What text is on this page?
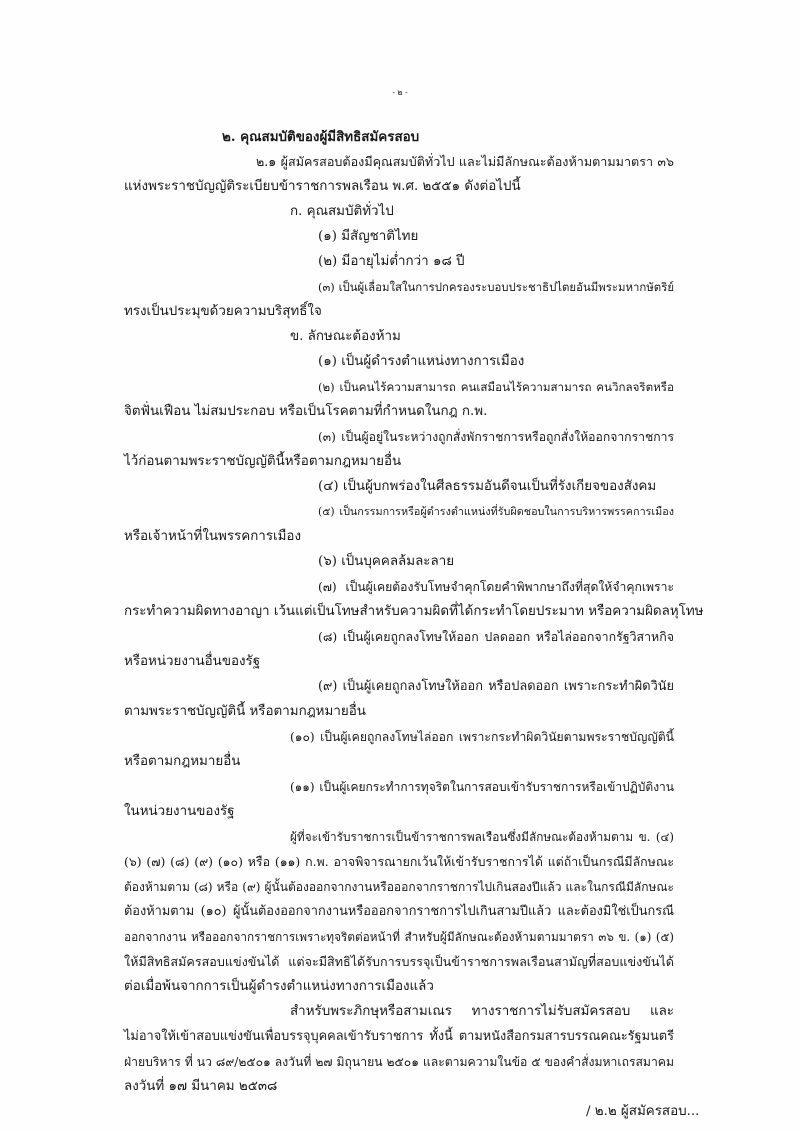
- ๒ -
๒. คุณสมบัติของผู้มีสิทธิสมัครสอบ
๒.๑ ผู้สมัครสอบต้องมีคุณสมบัติทั่วไป และไม่มีลักษณะต้องห้ามตามมาตรา ๓๖
แห่งพระราชบัญญัติระเบียบข้าราชการพลเรือน พ.ศ. ๒๕๕๑ ดังต่อไปนี้
ก. คุณสมบัติทั่วไป
(๑) มีสัญชาติไทย
(๒) มีอายุไม่ต่ำกว่า ๑๘ ปี
(๓) เป็นผู้เลื่อมใสในการปกครองระบอบประชาธิปไตยอันมีพระมหากษัตริย์
ทรงเป็นประมุขด้วยความบริสุทธิ์ใจ
ข. ลักษณะต้องห้าม
(๑) เป็นผู้ดำรงตำแหน่งทางการเมือง
(๒) เป็นคนไร้ความสามารถ คนเสมือนไร้ความสามารถ คนวิกลจริตหรือ
จิตฟั่นเฟือน ไม่สมประกอบ หรือเป็นโรคตามที่กำหนดในกฎ ก.พ.
(๓) เป็นผู้อยู่ในระหว่างถูกสั่งพักราชการหรือถูกสั่งให้ออกจากราชการ
ไว้ก่อนตามพระราชบัญญัตินี้หรือตามกฎหมายอื่น
(๔) เป็นผู้บกพร่องในศีลธรรมอันดีจนเป็นที่รังเกียจของสังคม
(๕) เป็นกรรมการหรือผู้ดำรงตำแหน่งที่รับผิดชอบในการบริหารพรรคการเมือง
หรือเจ้าหน้าที่ในพรรคการเมือง
(๖) เป็นบุคคลล้มละลาย
(๗) เป็นผู้เคยต้องรับโทษจำคุกโดยคำพิพากษาถึงที่สุดให้จำคุกเพราะ
กระทำความผิดทางอาญา เว้นแต่เป็นโทษสำหรับความผิดที่ได้กระทำโดยประมาท หรือความผิดลหุโทษ
(๘) เป็นผู้เคยถูกลงโทษให้ออก ปลดออก หรือไล่ออกจากรัฐวิสาหกิจ
หรือหน่วยงานอื่นของรัฐ
(๙) เป็นผู้เคยถูกลงโทษให้ออก หรือปลดออก เพราะกระทำผิดวินัย
ตามพระราชบัญญัตินี้ หรือตามกฎหมายอื่น
(๑๐) เป็นผู้เคยถูกลงโทษไล่ออก เพราะกระทำผิดวินัยตามพระราชบัญญัตินี้
หรือตามกฎหมายอื่น
(๑๑) เป็นผู้เคยกระทำการทุจริตในการสอบเข้ารับราชการหรือเข้าปฏิบัติงาน
ในหน่วยงานของรัฐ
ผู้ที่จะเข้ารับราชการเป็นข้าราชการพลเรือนซึ่งมีลักษณะต้องห้ามตาม ข. (๔)
(๖) (๗) (๘) (๙) (๑๐) หรือ (๑๑) ก.พ. อาจพิจารณายกเว้นให้เข้ารับราชการได้ แต่ถ้าเป็นกรณีมีลักษณะ
ต้องห้ามตาม (๘) หรือ (๙) ผู้นั้นต้องออกจากงานหรือออกจากราชการไปเกินสองปีแล้ว และในกรณีมีลักษณะ
ต้องห้ามตาม (๑๐) ผู้นั้นต้องออกจากงานหรือออกจากราชการไปเกินสามปีแล้ว และต้องมิใช่เป็นกรณี
ออกจากงาน หรือออกจากราชการเพราะทุจริตต่อหน้าที่ สำหรับผู้มีลักษณะต้องห้ามตามมาตรา ๓๖ ข. (๑) (๕)
ให้มีสิทธิสมัครสอบแข่งขันได้ แต่จะมีสิทธิได้รับการบรรจุเป็นข้าราชการพลเรือนสามัญที่สอบแข่งขันได้
ต่อเมื่อพ้นจากการเป็นผู้ดำรงตำแหน่งทางการเมืองแล้ว
สำหรับพระภิกษุหรือสามเณร ทางราชการไม่รับสมัครสอบ และ
ไม่อาจให้เข้าสอบแข่งขันเพื่อบรรจุบุคคลเข้ารับราชการ ทั้งนี้ ตามหนังสือกรมสารบรรณคณะรัฐมนตรี
ฝ่ายบริหาร ที่ นว ๘๙/๒๕๐๑ ลงวันที่ ๒๗ มิถุนายน ๒๕๐๑ และตามความในข้อ ๕ ของคำสั่งมหาเถรสมาคม
ลงวันที่ ๑๗ มีนาคม ๒๕๓๘
/ ๒.๒ ผู้สมัครสอบ...
